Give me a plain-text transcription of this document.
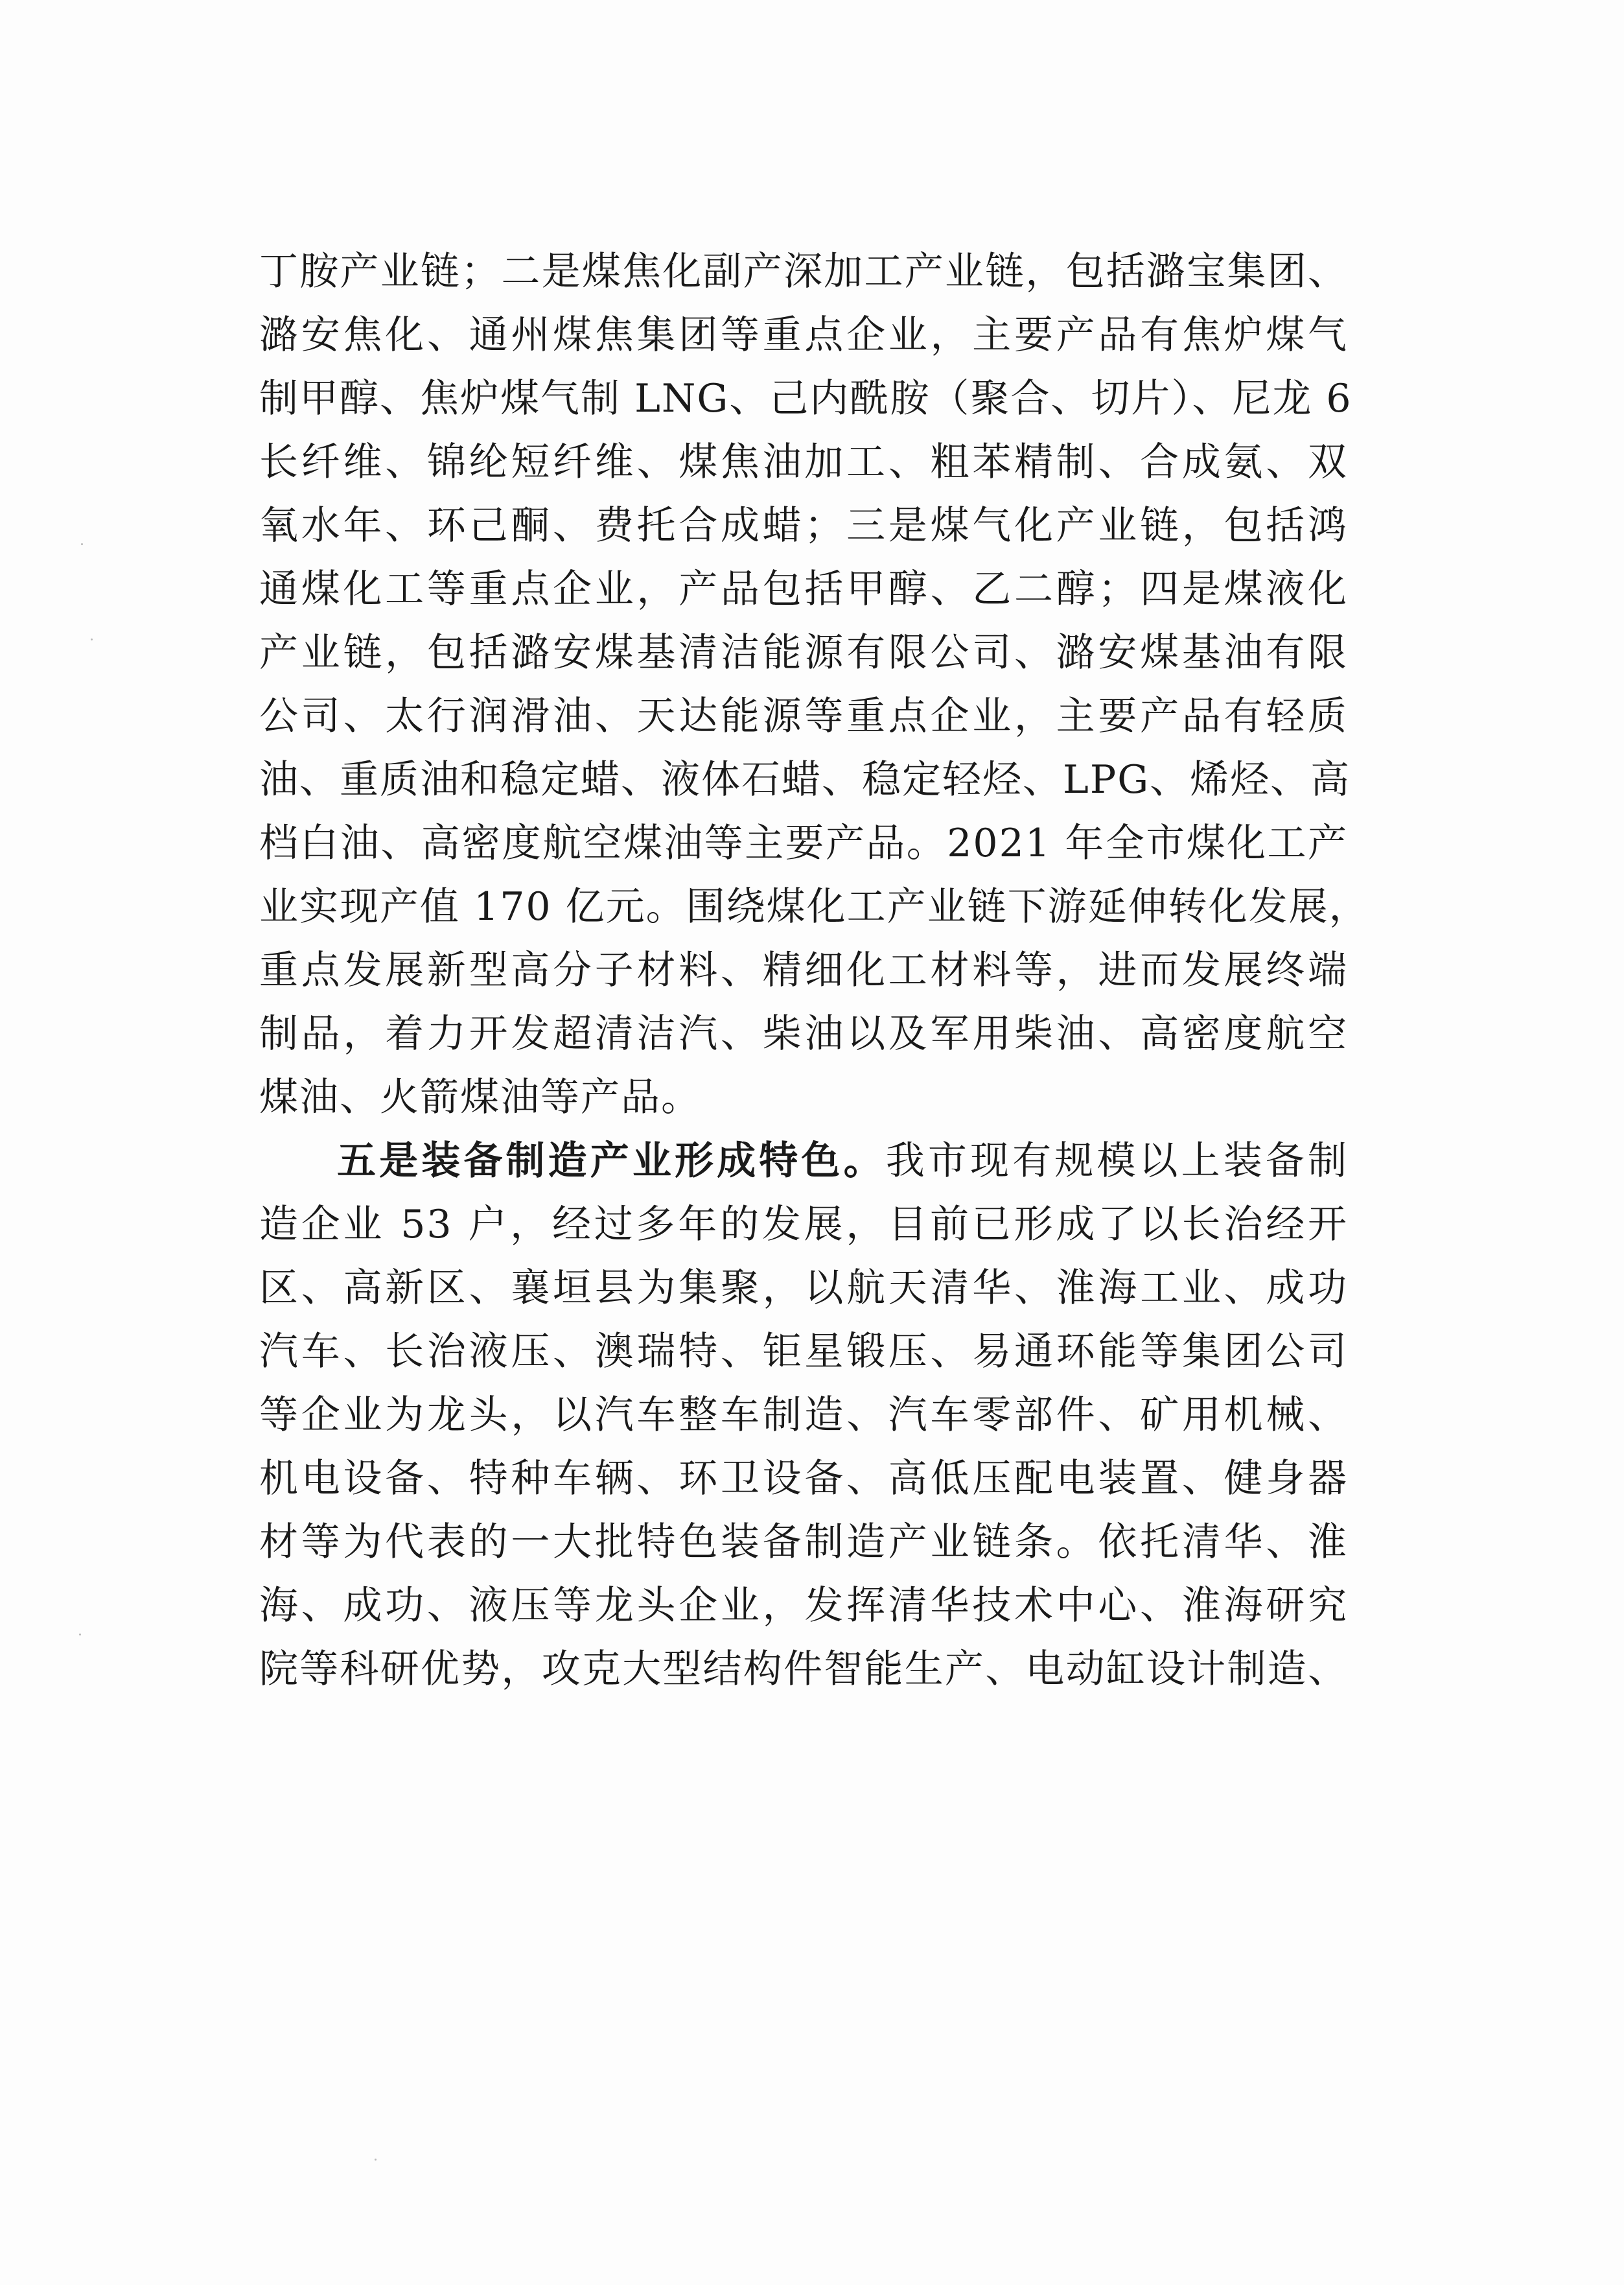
丁胺产业链；二是煤焦化副产深加工产业链，包括潞宝集团、
潞安焦化、通州煤焦集团等重点企业，主要产品有焦炉煤气
制甲醇、焦炉煤气制 LNG、己内酰胺（聚合、切片）、尼龙 6
长纤维、锦纶短纤维、煤焦油加工、粗苯精制、合成氨、双
氧水年、环己酮、费托合成蜡；三是煤气化产业链，包括鸿
通煤化工等重点企业，产品包括甲醇、乙二醇；四是煤液化
产业链，包括潞安煤基清洁能源有限公司、潞安煤基油有限
公司、太行润滑油、天达能源等重点企业，主要产品有轻质
油、重质油和稳定蜡、液体石蜡、稳定轻烃、LPG、烯烃、高
档白油、高密度航空煤油等主要产品。2021 年全市煤化工产
业实现产值 170 亿元。围绕煤化工产业链下游延伸转化发展，
重点发展新型高分子材料、精细化工材料等，进而发展终端
制品，着力开发超清洁汽、柴油以及军用柴油、高密度航空
煤油、火箭煤油等产品。
五是装备制造产业形成特色。我市现有规模以上装备制
造企业 53 户，经过多年的发展，目前已形成了以长治经开
区、高新区、襄垣县为集聚，以航天清华、淮海工业、成功
汽车、长治液压、澳瑞特、钜星锻压、易通环能等集团公司
等企业为龙头，以汽车整车制造、汽车零部件、矿用机械、
机电设备、特种车辆、环卫设备、高低压配电装置、健身器
材等为代表的一大批特色装备制造产业链条。依托清华、淮
海、成功、液压等龙头企业，发挥清华技术中心、淮海研究
院等科研优势，攻克大型结构件智能生产、电动缸设计制造、
